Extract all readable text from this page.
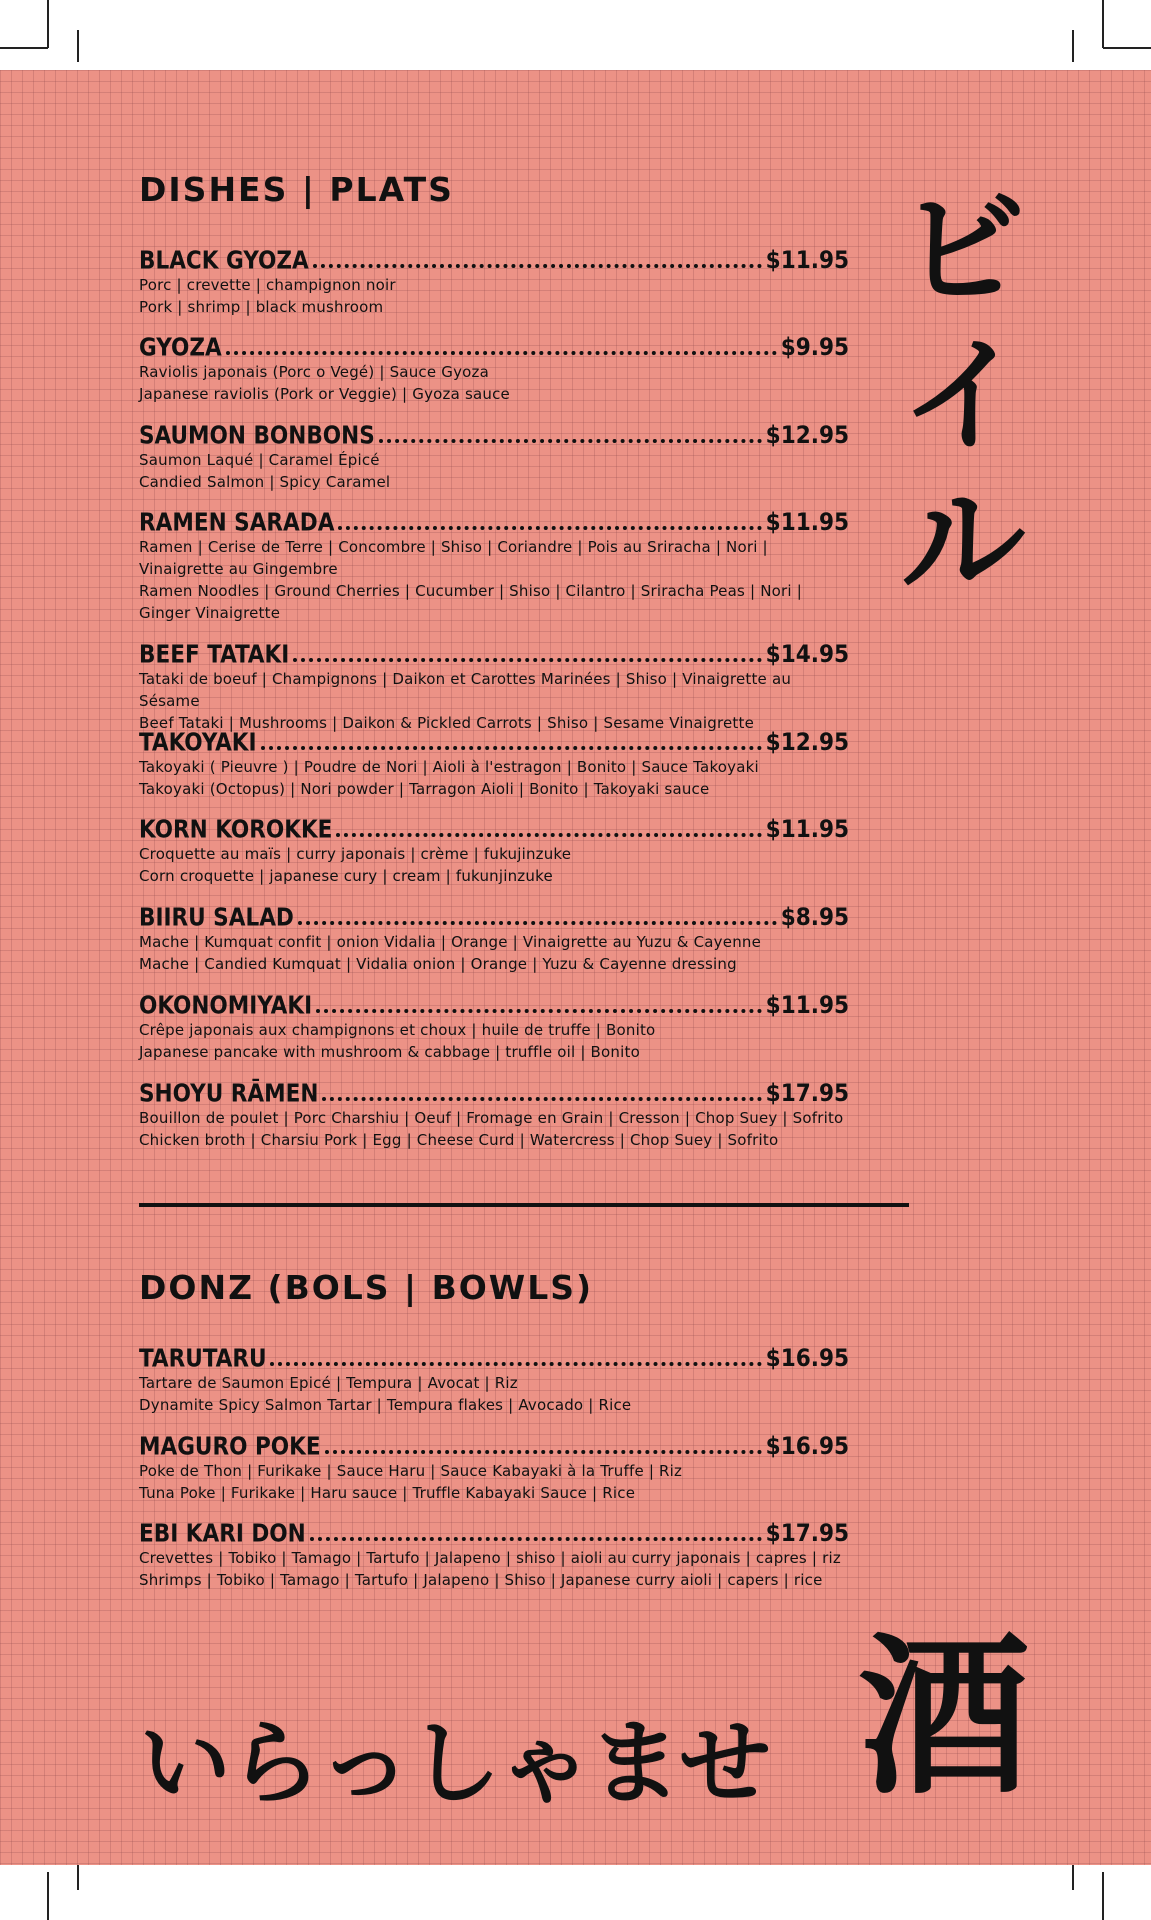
DISHES | PLATS
BLACK GYOZA	$11.95
Porc | crevette | champignon noir
Pork | shrimp | black mushroom
GYOZA	$9.95
Raviolis japonais (Porc o Vegé) | Sauce Gyoza
Japanese raviolis (Pork or Veggie) | Gyoza sauce
SAUMON BONBONS	$12.95
Saumon Laqué | Caramel Épicé
Candied Salmon | Spicy Caramel
RAMEN SARADA	$11.95
Ramen | Cerise de Terre | Concombre | Shiso | Coriandre | Pois au Sriracha | Nori | Vinaigrette au Gingembre
Ramen Noodles | Ground Cherries | Cucumber | Shiso | Cilantro | Sriracha Peas | Nori | Ginger Vinaigrette
BEEF TATAKI	$14.95
Tataki de boeuf | Champignons | Daikon et Carottes Marinées | Shiso | Vinaigrette au Sésame
Beef Tataki | Mushrooms | Daikon & Pickled Carrots | Shiso | Sesame Vinaigrette
TAKOYAKI	$12.95
Takoyaki ( Pieuvre ) | Poudre de Nori | Aioli à l'estragon | Bonito | Sauce Takoyaki
Takoyaki (Octopus) | Nori powder | Tarragon Aioli | Bonito | Takoyaki sauce
KORN KOROKKE	$11.95
Croquette au maïs | curry japonais | crème | fukujinzuke
Corn croquette | japanese cury | cream | fukunjinzuke
BIIRU SALAD	$8.95
Mache | Kumquat confit | onion Vidalia | Orange | Vinaigrette au Yuzu & Cayenne
Mache | Candied Kumquat | Vidalia onion | Orange | Yuzu & Cayenne dressing
OKONOMIYAKI	$11.95
Crêpe japonais aux champignons et choux | huile de truffe | Bonito
Japanese pancake with mushroom & cabbage | truffle oil | Bonito
SHOYU RĀMEN	$17.95
Bouillon de poulet | Porc Charshiu | Oeuf | Fromage en Grain | Cresson | Chop Suey | Sofrito
Chicken broth | Charsiu Pork | Egg | Cheese Curd | Watercress | Chop Suey | Sofrito
DONZ (BOLS | BOWLS)
TARUTARU	$16.95
Tartare de Saumon Epicé | Tempura | Avocat | Riz
Dynamite Spicy Salmon Tartar | Tempura flakes | Avocado | Rice
MAGURO POKE	$16.95
Poke de Thon | Furikake | Sauce Haru | Sauce Kabayaki à la Truffe | Riz
Tuna Poke | Furikake | Haru sauce | Truffle Kabayaki Sauce | Rice
EBI KARI DON	$17.95
Crevettes | Tobiko | Tamago | Tartufo | Jalapeno | shiso | aioli au curry japonais | capres | riz
Shrimps | Tobiko | Tamago | Tartufo | Jalapeno | Shiso | Japanese curry aioli | capers | rice
ビイル
いらっしゃませ 酒
